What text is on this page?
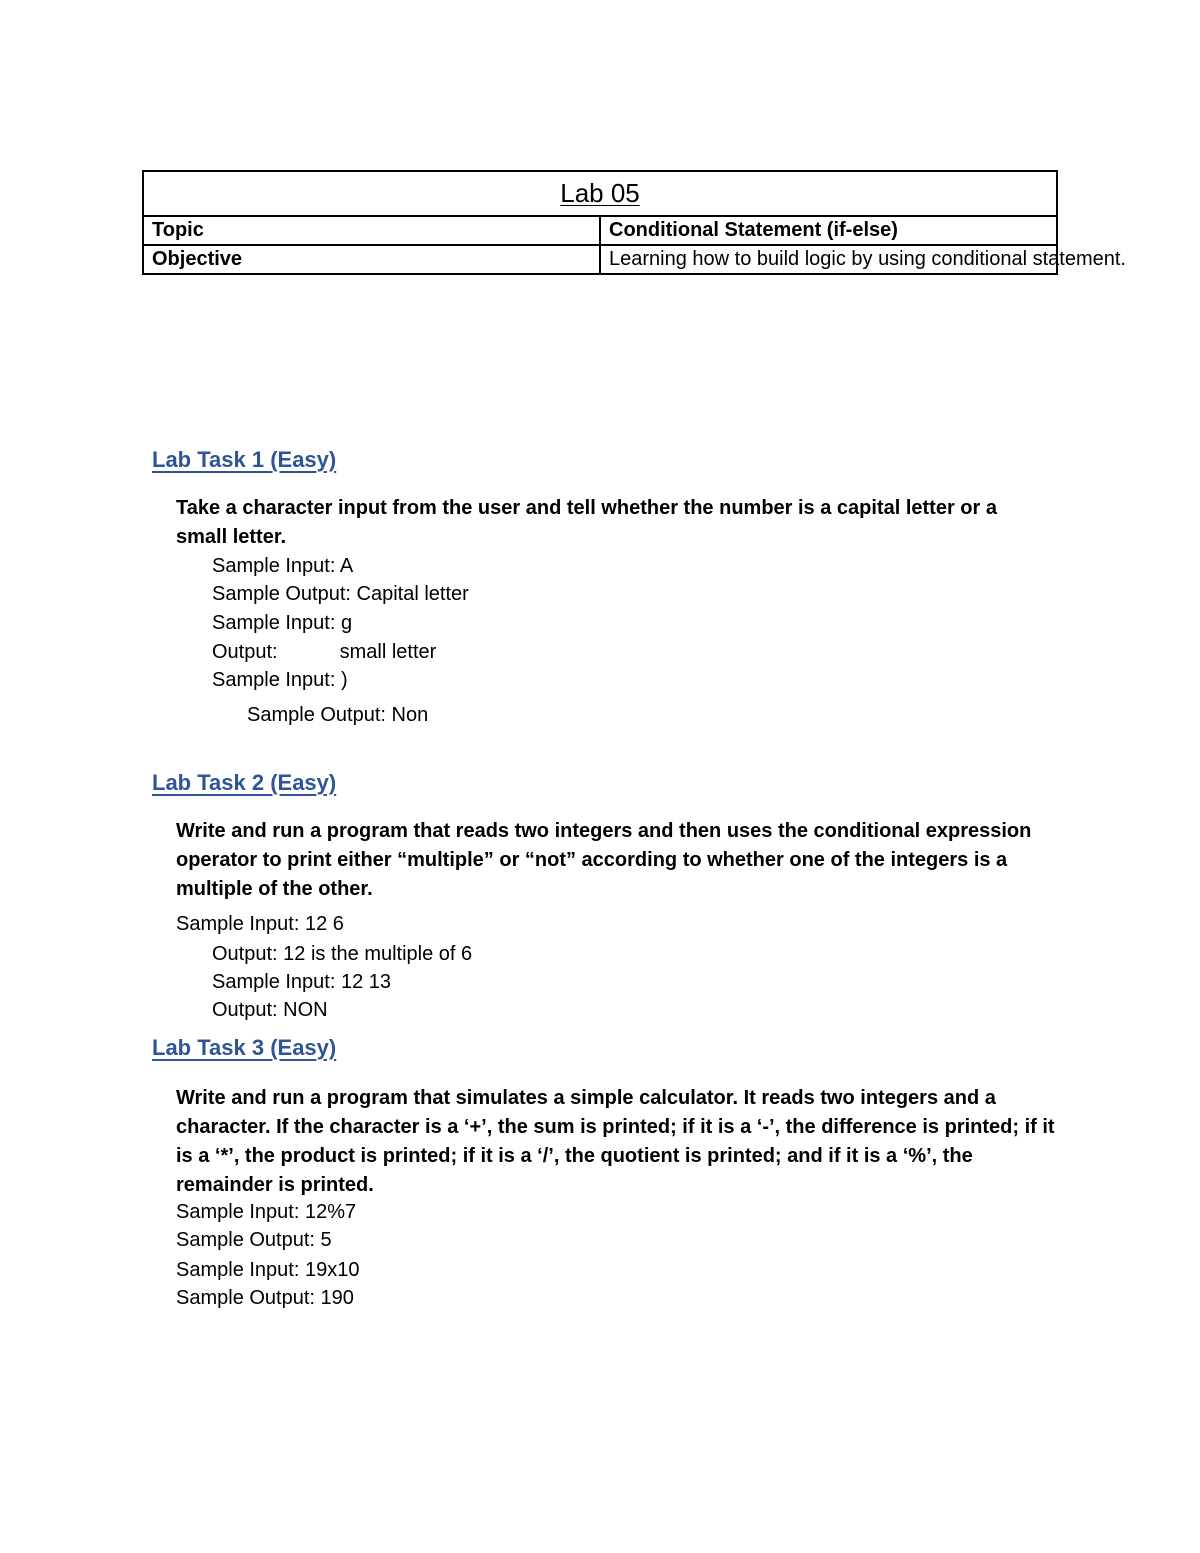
Lab 05	
Topic	Conditional Statement (if-else)
Objective	Learning how to build logic by using conditional statement.
Lab Task 1 (Easy)

Take a character input from the user and tell whether the number is a capital letter or a small letter.

Sample Input: A

Sample Output: Capital letter

Sample Input: g

Output:	small letter

Sample Input: )

Sample Output: Non

Lab Task 2 (Easy)

Write and run a program that reads two integers and then uses the conditional expression operator to print either “multiple” or “not” according to whether one of the integers is a multiple of the other.

Sample Input: 12 6

Output: 12 is the multiple of 6

Sample Input: 12 13

Output: NON

Lab Task 3 (Easy)

Write and run a program that simulates a simple calculator. It reads two integers and a character. If the character is a ‘+’, the sum is printed; if it is a ‘-’, the difference is printed; if it is a ‘*’, the product is printed; if it is a ‘/’, the quotient is printed; and if it is a ‘%’, the remainder is printed.

Sample Input: 12%7

Sample Output: 5

Sample Input: 19x10

Sample Output: 190
